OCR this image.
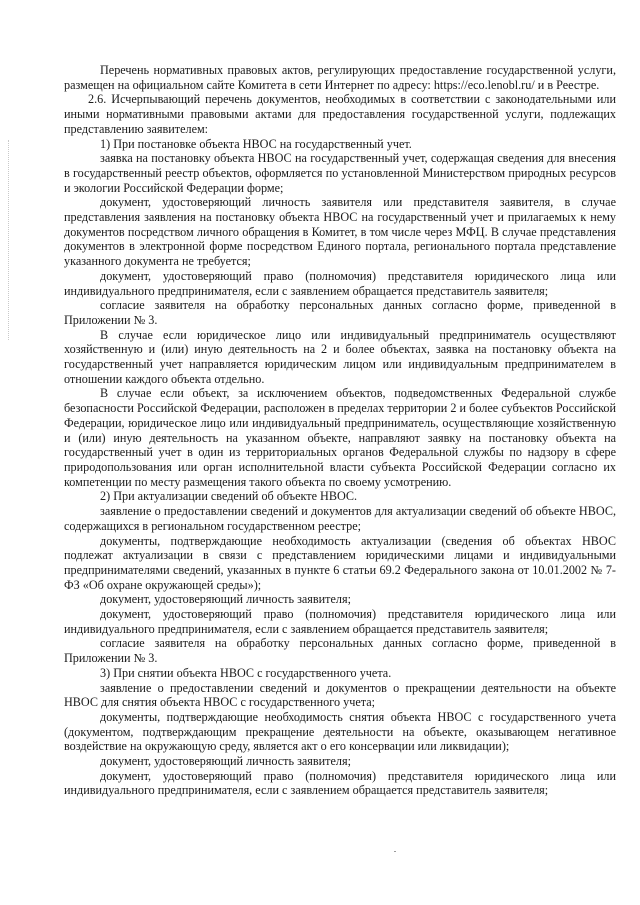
Перечень нормативных правовых актов, регулирующих предоставление государственной услуги, размещен на официальном сайте Комитета в сети Интернет по адресу: https://eco.lenobl.ru/ и в Реестре.

2.6. Исчерпывающий перечень документов, необходимых в соответствии с законодательными или иными нормативными правовыми актами для предоставления государственной услуги, подлежащих представлению заявителем:

1) При постановке объекта НВОС на государственный учет.

заявка на постановку объекта НВОС на государственный учет, содержащая сведения для внесения в государственный реестр объектов, оформляется по установленной Министерством природных ресурсов и экологии Российской Федерации форме;

документ, удостоверяющий личность заявителя или представителя заявителя, в случае представления заявления на постановку объекта НВОС на государственный учет и прилагаемых к нему документов посредством личного обращения в Комитет, в том числе через МФЦ. В случае представления документов в электронной форме посредством Единого портала, регионального портала представление указанного документа не требуется;

документ, удостоверяющий право (полномочия) представителя юридического лица или индивидуального предпринимателя, если с заявлением обращается представитель заявителя;

согласие заявителя на обработку персональных данных согласно форме, приведенной в Приложении № 3.

В случае если юридическое лицо или индивидуальный предприниматель осуществляют хозяйственную и (или) иную деятельность на 2 и более объектах, заявка на постановку объекта на государственный учет направляется юридическим лицом или индивидуальным предпринимателем в отношении каждого объекта отдельно.

В случае если объект, за исключением объектов, подведомственных Федеральной службе безопасности Российской Федерации, расположен в пределах территории 2 и более субъектов Российской Федерации, юридическое лицо или индивидуальный предприниматель, осуществляющие хозяйственную и (или) иную деятельность на указанном объекте, направляют заявку на постановку объекта на государственный учет в один из территориальных органов Федеральной службы по надзору в сфере природопользования или орган исполнительной власти субъекта Российской Федерации согласно их компетенции по месту размещения такого объекта по своему усмотрению.

2) При актуализации сведений об объекте НВОС.

заявление о предоставлении сведений и документов для актуализации сведений об объекте НВОС, содержащихся в региональном государственном реестре;

документы, подтверждающие необходимость актуализации (сведения об объектах НВОС подлежат актуализации в связи с представлением юридическими лицами и индивидуальными предпринимателями сведений, указанных в пункте 6 статьи 69.2 Федерального закона от 10.01.2002 № 7-ФЗ «Об охране окружающей среды»);

документ, удостоверяющий личность заявителя;

документ, удостоверяющий право (полномочия) представителя юридического лица или индивидуального предпринимателя, если с заявлением обращается представитель заявителя;

согласие заявителя на обработку персональных данных согласно форме, приведенной в Приложении № 3.

3) При снятии объекта НВОС с государственного учета.

заявление о предоставлении сведений и документов о прекращении деятельности на объекте НВОС для снятия объекта НВОС с государственного учета;

документы, подтверждающие необходимость снятия объекта НВОС с государственного учета (документом, подтверждающим прекращение деятельности на объекте, оказывающем негативное воздействие на окружающую среду, является акт о его консервации или ликвидации);

документ, удостоверяющий личность заявителя;

документ, удостоверяющий право (полномочия) представителя юридического лица или индивидуального предпринимателя, если с заявлением обращается представитель заявителя;
